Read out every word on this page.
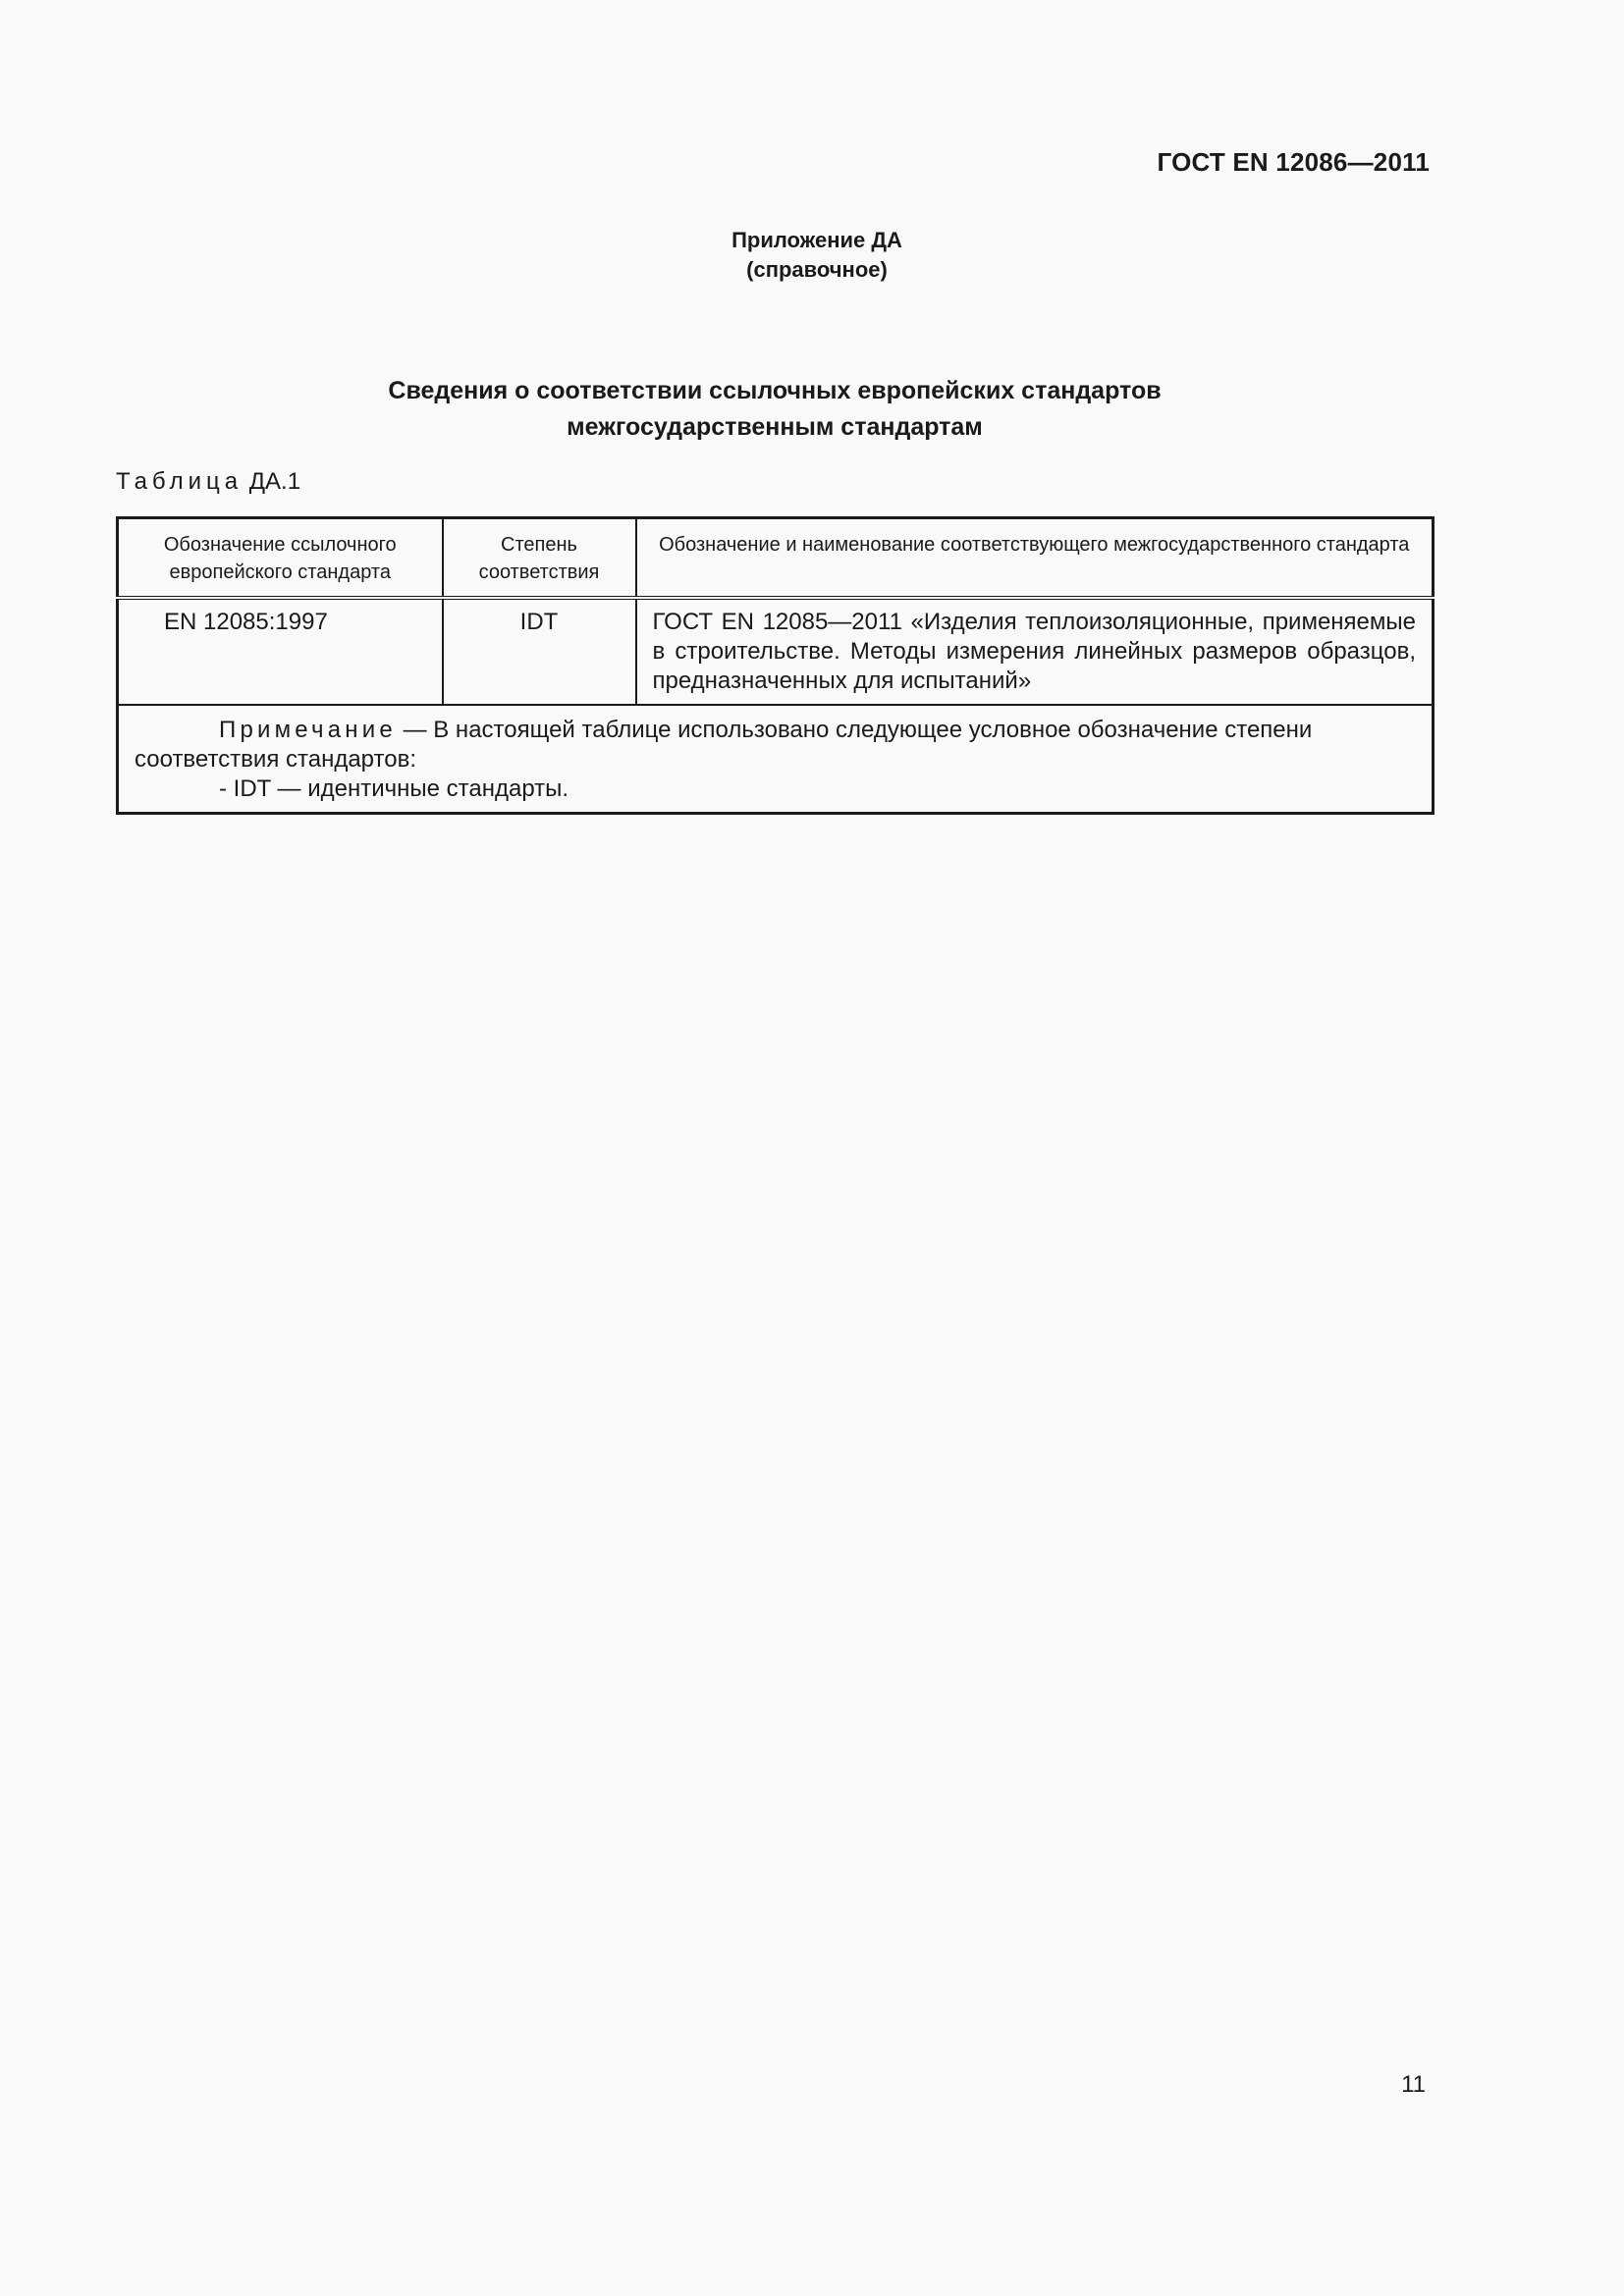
ГОСТ EN 12086—2011
Приложение ДА
(справочное)
Сведения о соответствии ссылочных европейских стандартов
межгосударственным стандартам
Таблица ДА.1
Обозначение ссылочного европейского стандарта	Степень соответствия	Обозначение и наименование соответствующего межгосударственного стандарта
EN 12085:1997	IDT	ГОСТ EN 12085—2011 «Изделия теплоизоляционные, применяемые в строительстве. Методы измерения линейных размеров образцов, предназначенных для испытаний»

Примечание — В настоящей таблице использовано следующее условное обозначение степени соответствия стандартов:

- IDT — идентичные стандарты.		

11
